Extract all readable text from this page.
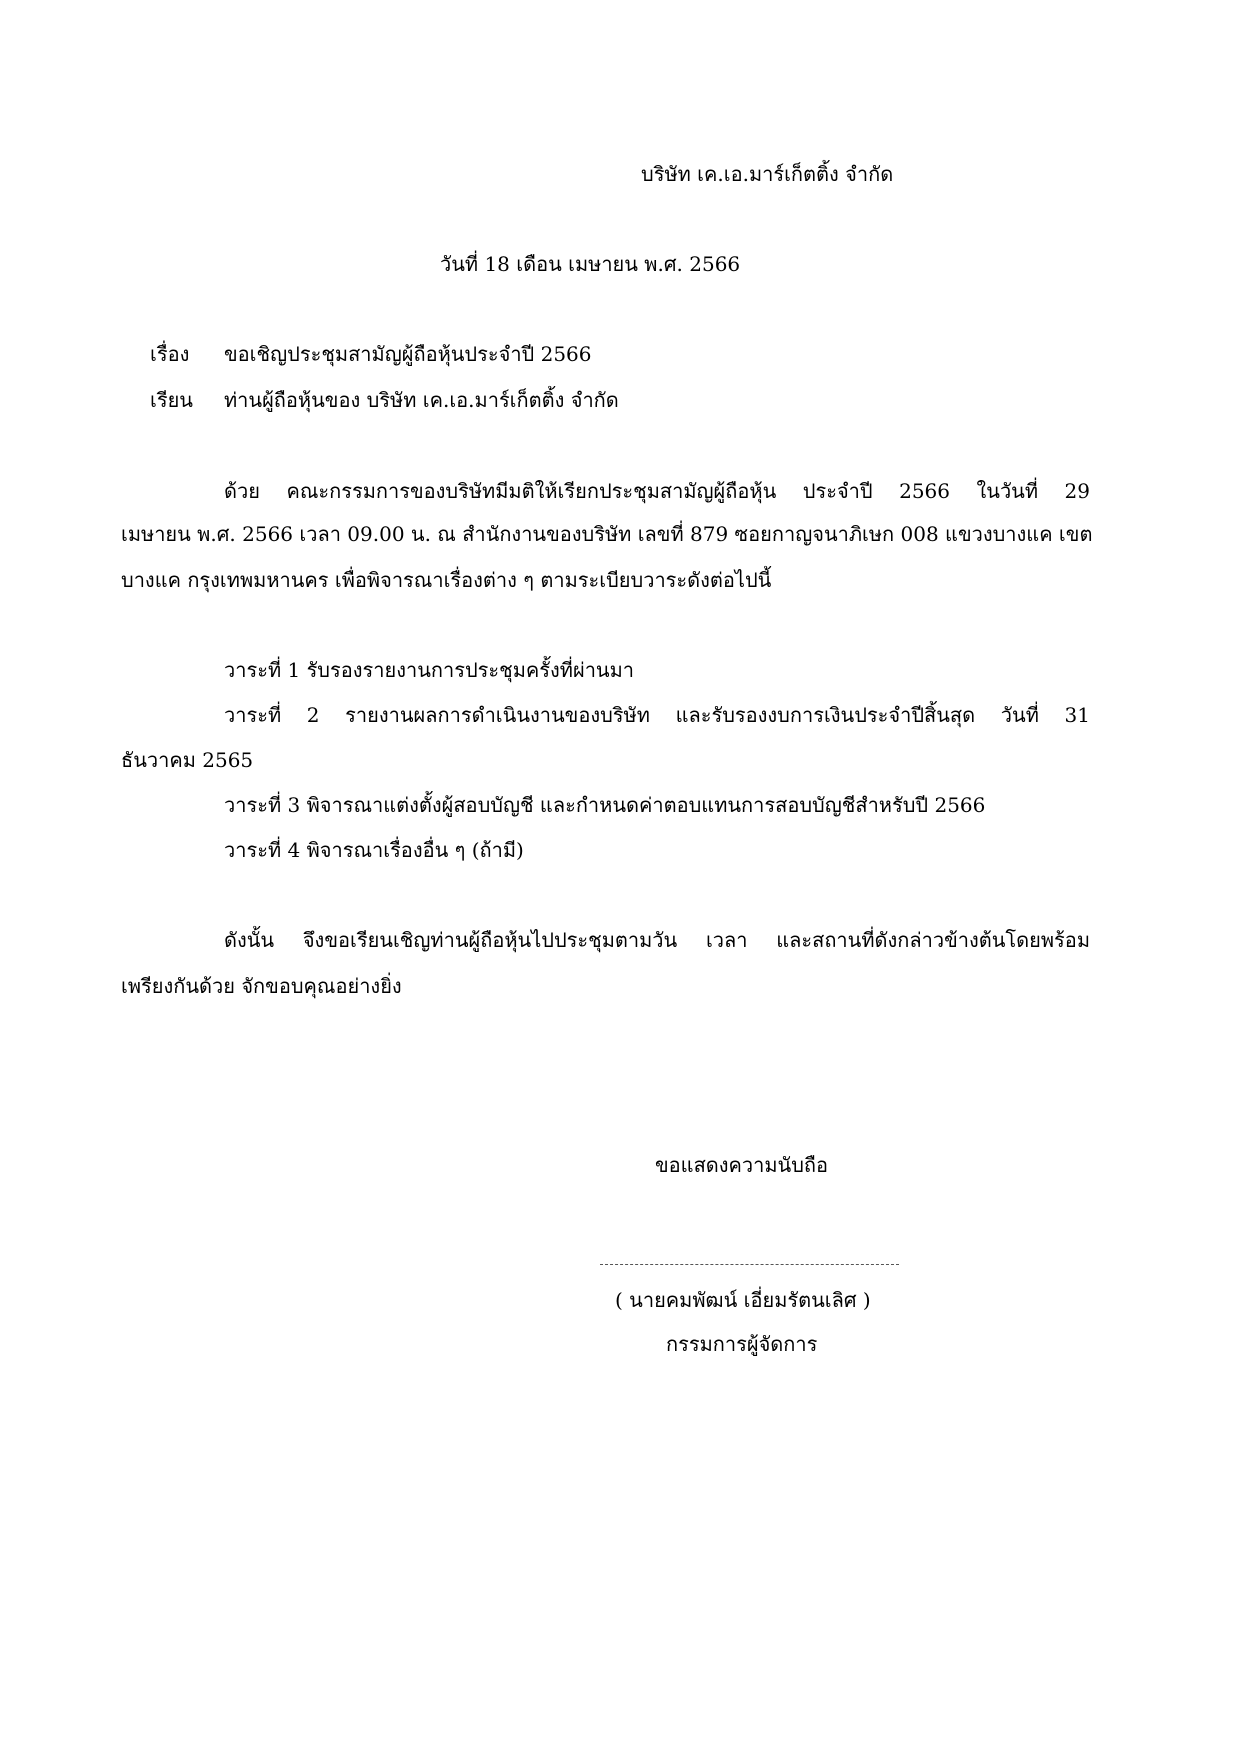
บริษัท เค.เอ.มาร์เก็ตติ้ง จำกัด
วันที่ 18 เดือน เมษายน พ.ศ. 2566
เรื่อง ขอเชิญประชุมสามัญผู้ถือหุ้นประจำปี 2566
เรียน ท่านผู้ถือหุ้นของ บริษัท เค.เอ.มาร์เก็ตติ้ง จำกัด
ด้วย คณะกรรมการของบริษัทมีมติให้เรียกประชุมสามัญผู้ถือหุ้น ประจำปี 2566 ในวันที่ 29
เมษายน พ.ศ. 2566 เวลา 09.00 น. ณ สำนักงานของบริษัท เลขที่ 879 ซอยกาญจนาภิเษก 008 แขวงบางแค เขต
บางแค กรุงเทพมหานคร เพื่อพิจารณาเรื่องต่าง ๆ ตามระเบียบวาระดังต่อไปนี้
วาระที่ 1 รับรองรายงานการประชุมครั้งที่ผ่านมา
วาระที่ 2 รายงานผลการดำเนินงานของบริษัท และรับรองงบการเงินประจำปีสิ้นสุด วันที่ 31
ธันวาคม 2565
วาระที่ 3 พิจารณาแต่งตั้งผู้สอบบัญชี และกำหนดค่าตอบแทนการสอบบัญชีสำหรับปี 2566
วาระที่ 4 พิจารณาเรื่องอื่น ๆ (ถ้ามี)
ดังนั้น จึงขอเรียนเชิญท่านผู้ถือหุ้นไปประชุมตามวัน เวลา และสถานที่ดังกล่าวข้างต้นโดยพร้อม
เพรียงกันด้วย จักขอบคุณอย่างยิ่ง
ขอแสดงความนับถือ
( นายคมพัฒน์ เอี่ยมรัตนเลิศ )
กรรมการผู้จัดการ
